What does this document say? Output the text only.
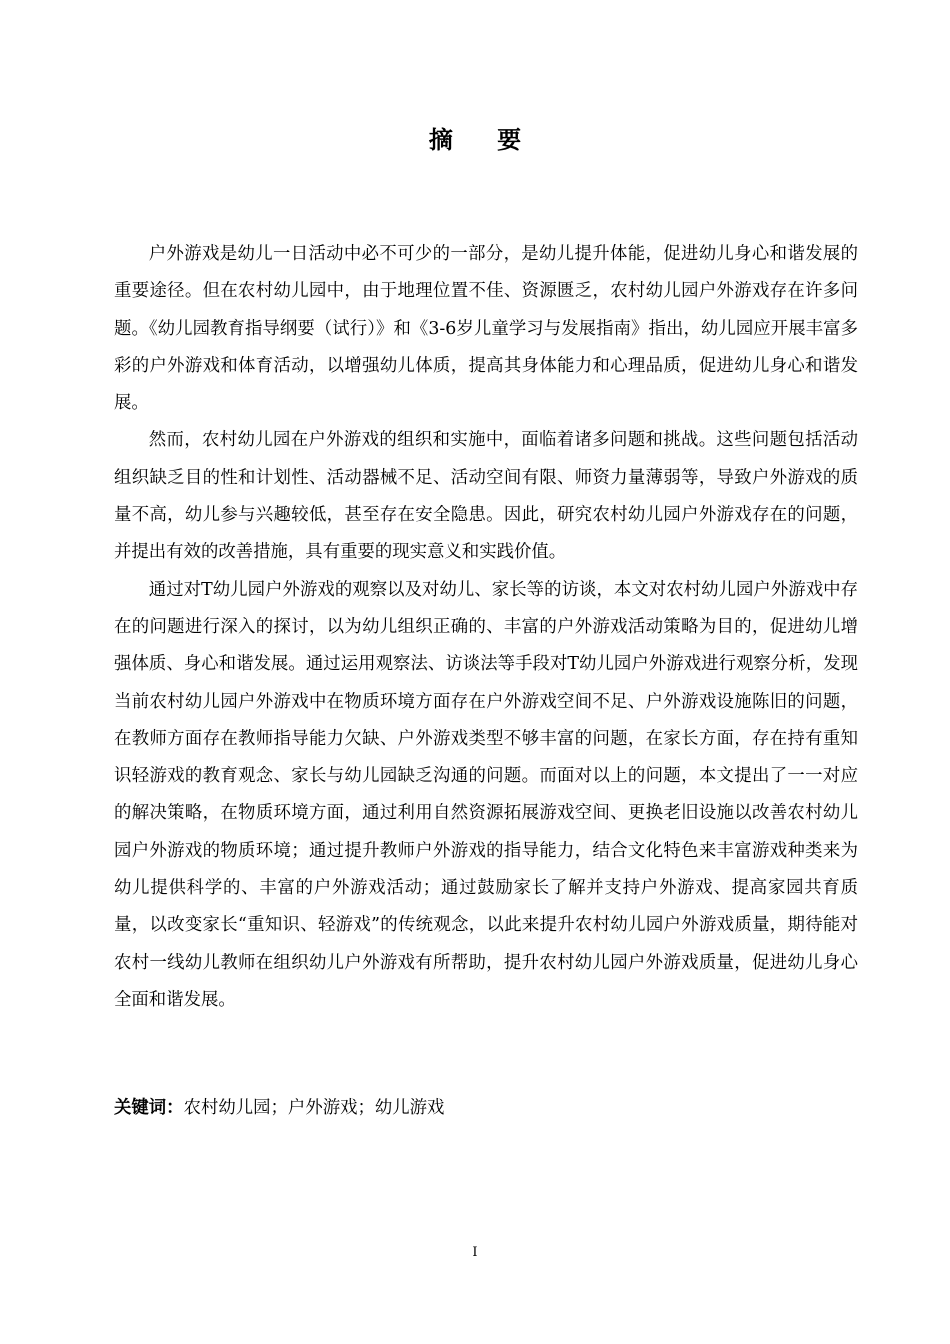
摘 要

户外游戏是幼儿一日活动中必不可少的一部分，是幼儿提升体能，促进幼儿身心和谐发展的重要途径。但在农村幼儿园中，由于地理位置不佳、资源匮乏，农村幼儿园户外游戏存在许多问题。《幼儿园教育指导纲要（试行）》和《3-6岁儿童学习与发展指南》指出，幼儿园应开展丰富多彩的户外游戏和体育活动，以增强幼儿体质，提高其身体能力和心理品质，促进幼儿身心和谐发展。

然而，农村幼儿园在户外游戏的组织和实施中，面临着诸多问题和挑战。这些问题包括活动组织缺乏目的性和计划性、活动器械不足、活动空间有限、师资力量薄弱等，导致户外游戏的质量不高，幼儿参与兴趣较低，甚至存在安全隐患。因此，研究农村幼儿园户外游戏存在的问题，并提出有效的改善措施，具有重要的现实意义和实践价值。

通过对T幼儿园户外游戏的观察以及对幼儿、家长等的访谈，本文对农村幼儿园户外游戏中存在的问题进行深入的探讨，以为幼儿组织正确的、丰富的户外游戏活动策略为目的，促进幼儿增强体质、身心和谐发展。通过运用观察法、访谈法等手段对T幼儿园户外游戏进行观察分析，发现当前农村幼儿园户外游戏中在物质环境方面存在户外游戏空间不足、户外游戏设施陈旧的问题，在教师方面存在教师指导能力欠缺、户外游戏类型不够丰富的问题，在家长方面，存在持有重知识轻游戏的教育观念、家长与幼儿园缺乏沟通的问题。而面对以上的问题，本文提出了一一对应的解决策略，在物质环境方面，通过利用自然资源拓展游戏空间、更换老旧设施以改善农村幼儿园户外游戏的物质环境；通过提升教师户外游戏的指导能力，结合文化特色来丰富游戏种类来为幼儿提供科学的、丰富的户外游戏活动；通过鼓励家长了解并支持户外游戏、提高家园共育质量，以改变家长“重知识、轻游戏”的传统观念，以此来提升农村幼儿园户外游戏质量，期待能对农村一线幼儿教师在组织幼儿户外游戏有所帮助，提升农村幼儿园户外游戏质量，促进幼儿身心全面和谐发展。

关键词：农村幼儿园；户外游戏；幼儿游戏
I
